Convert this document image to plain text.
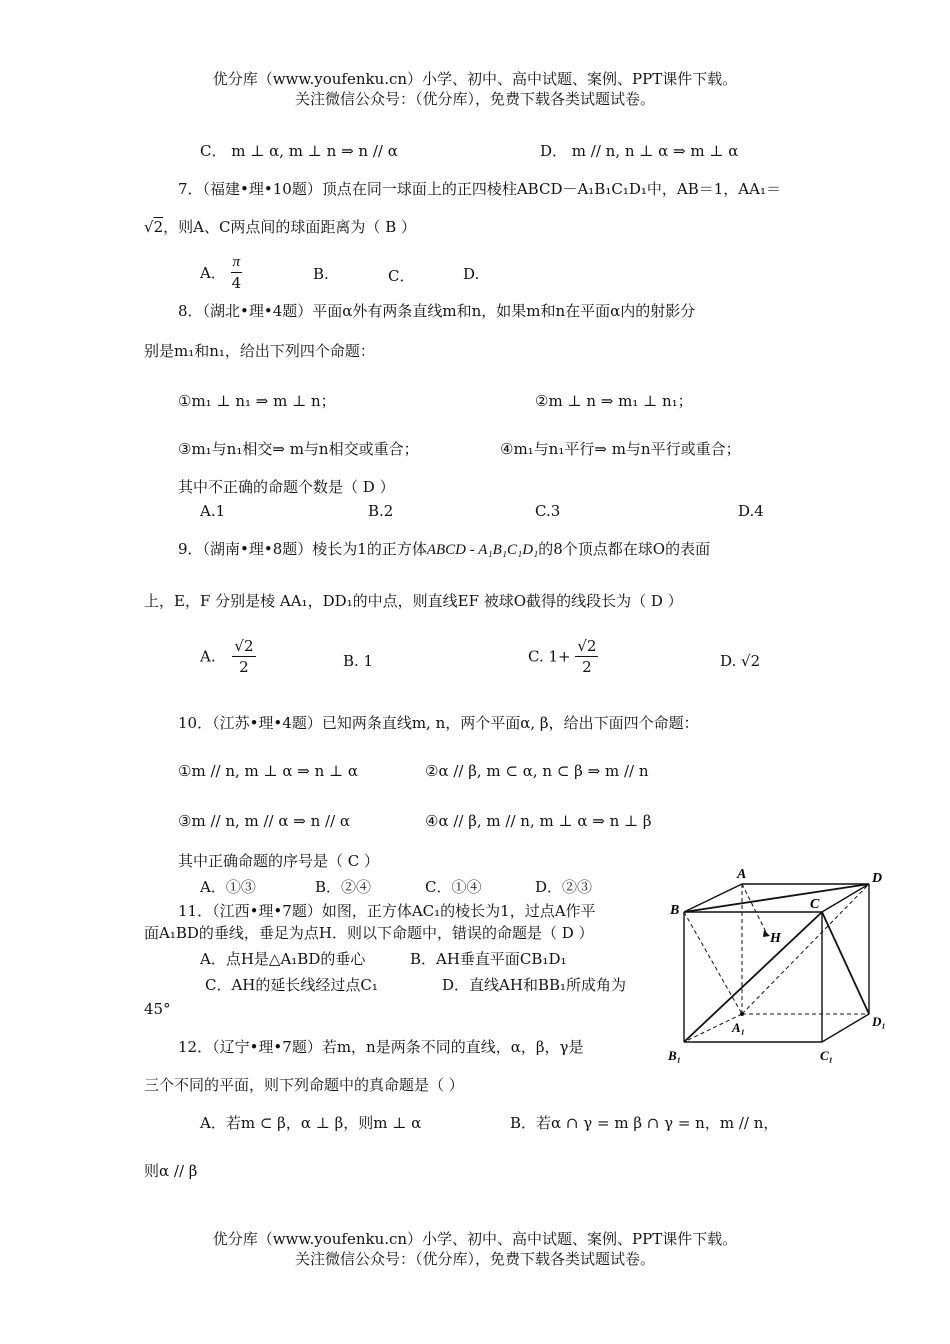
优分库（www.youfenku.cn）小学、初中、高中试题、案例、PPT课件下载。
关注微信公众号：（优分库），免费下载各类试题试卷。
C． m ⊥ α, m ⊥ n ⇒ n // α	D． m // n, n ⊥ α ⇒ m ⊥ α
7．（福建•理•10题）顶点在同一球面上的正四棱柱ABCD－A₁B₁C₁D₁中，AB＝1，AA₁＝
√2，则A、C两点间的球面距离为（ B ）
A． $\frac{\pi}{4}$	B.	C．	D.
8．（湖北•理•4题）平面α外有两条直线m和n，如果m和n在平面α内的射影分
别是m₁和n₁，给出下列四个命题：
①m₁ ⊥ n₁ ⇒ m ⊥ n；	②m ⊥ n ⇒ m₁ ⊥ n₁；
③m₁与n₁相交⇒ m与n相交或重合；	④m₁与n₁平行⇒ m与n平行或重合；
其中不正确的命题个数是（ D ）
A.1	B.2	C.3	D.4
9．（湖南•理•8题）棱长为1的正方体ABCD - A₁B₁C₁D₁的8个顶点都在球O的表面
上，E，F 分别是棱 AA₁，DD₁的中点，则直线EF 被球O截得的线段长为（ D ）
A. $\frac{√2}{2}$	B. 1	C. $1+ \frac{√2}{2}$	D. √2
10．（江苏•理•4题）已知两条直线m, n，两个平面α, β，给出下面四个命题：
①m // n, m ⊥ α ⇒ n ⊥ α	②α // β, m ⊂ α, n ⊂ β ⇒ m // n
③m // n, m // α ⇒ n // α	④α // β, m // n, m ⊥ α ⇒ n ⊥ β
其中正确命题的序号是（ C ）
A．①③	B．②④	C．①④	D．②③
11．（江西•理•7题）如图，正方体AC₁的棱长为1，过点A作平
面A₁BD的垂线，垂足为点H．则以下命题中，错误的命题是（ D ）
A．点H是△A₁BD的垂心	B．AH垂直平面CB₁D₁
C．AH的延长线经过点C₁	D．直线AH和BB₁所成角为
45°
12．（辽宁•理•7题）若m，n是两条不同的直线，α，β，γ是
三个不同的平面，则下列命题中的真命题是（ ）
A．若m ⊂ β，α ⊥ β，则m ⊥ α	B．若α ∩ γ = m β ∩ γ = n，m // n，
则α // β
A	D
B	C
H
A₁	D₁
B₁	C₁
优分库（www.youfenku.cn）小学、初中、高中试题、案例、PPT课件下载。
关注微信公众号：（优分库），免费下载各类试题试卷。
